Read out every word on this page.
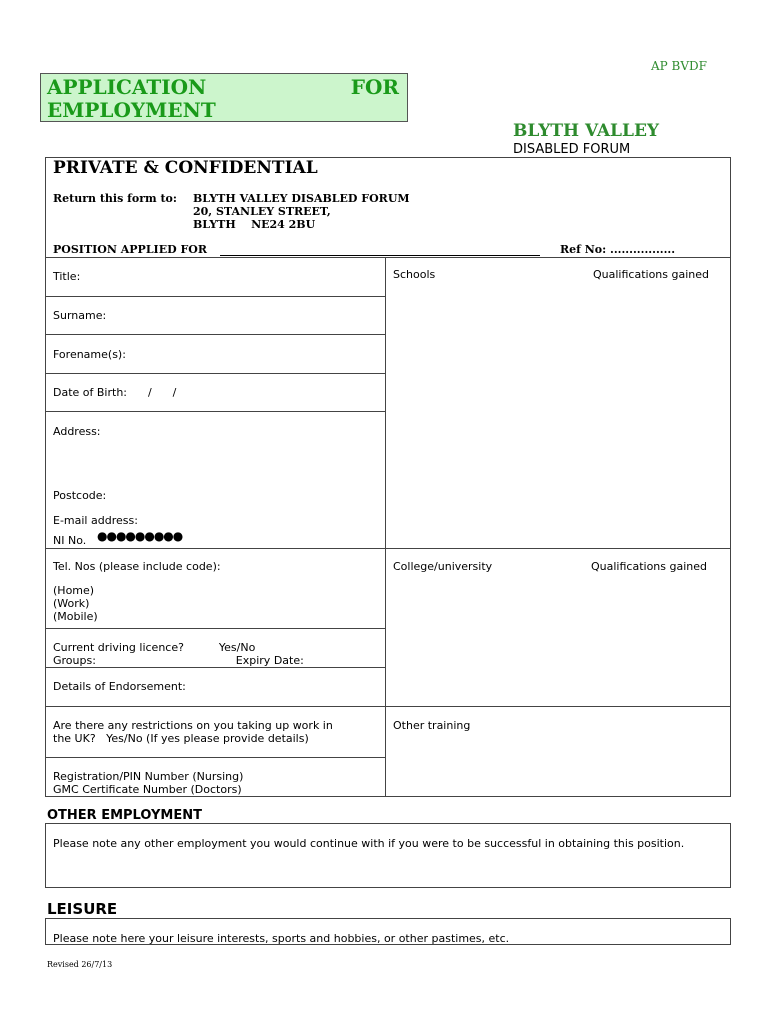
APPLICATION	FOR
EMPLOYMENT
AP BVDF
BLYTH VALLEY
DISABLED FORUM
PRIVATE & CONFIDENTIAL
Return this form to: BLYTH VALLEY DISABLED FORUM
20, STANLEY STREET,
BLYTH    NE24 2BU
POSITION APPLIED FOR	Ref No: .................
Title:
Surname:
Forename(s):
Date of Birth:      /      /
Address:
Postcode:
E-mail address:
NI No. ●●●●●●●●●
Tel. Nos (please include code):
(Home)
(Work)
(Mobile)
Current driving licence?          Yes/No
Groups:                                        Expiry Date:
Details of Endorsement:
Are there any restrictions on you taking up work in
the UK?   Yes/No (If yes please provide details)
Registration/PIN Number (Nursing)
GMC Certificate Number (Doctors)
Schools	Qualifications gained
College/university	Qualifications gained
Other training
OTHER EMPLOYMENT
Please note any other employment you would continue with if you were to be successful in obtaining this position.
LEISURE
Please note here your leisure interests, sports and hobbies, or other pastimes, etc.
Revised 26/7/13
